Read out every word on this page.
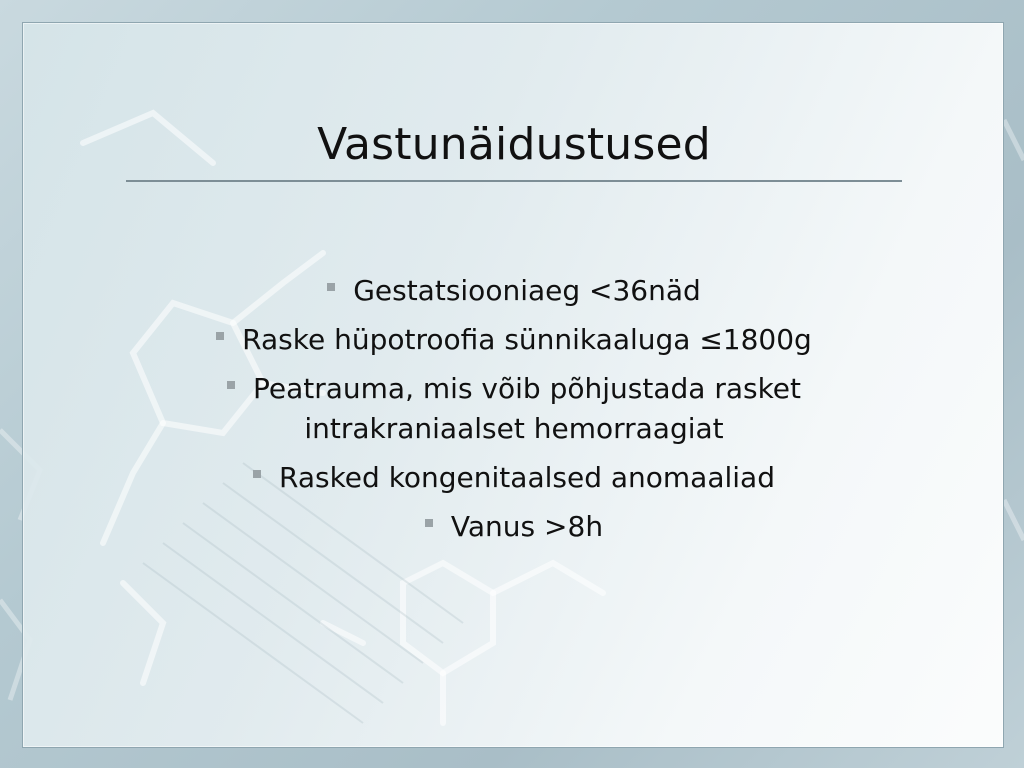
Vastunäidustused
Gestatsiooniaeg <36näd
Raske hüpotroofia sünnikaaluga ≤1800g
Peatrauma, mis võib põhjustada rasket intrakraniaalset hemorraagiat
Rasked kongenitaalsed anomaaliad
Vanus >8h
